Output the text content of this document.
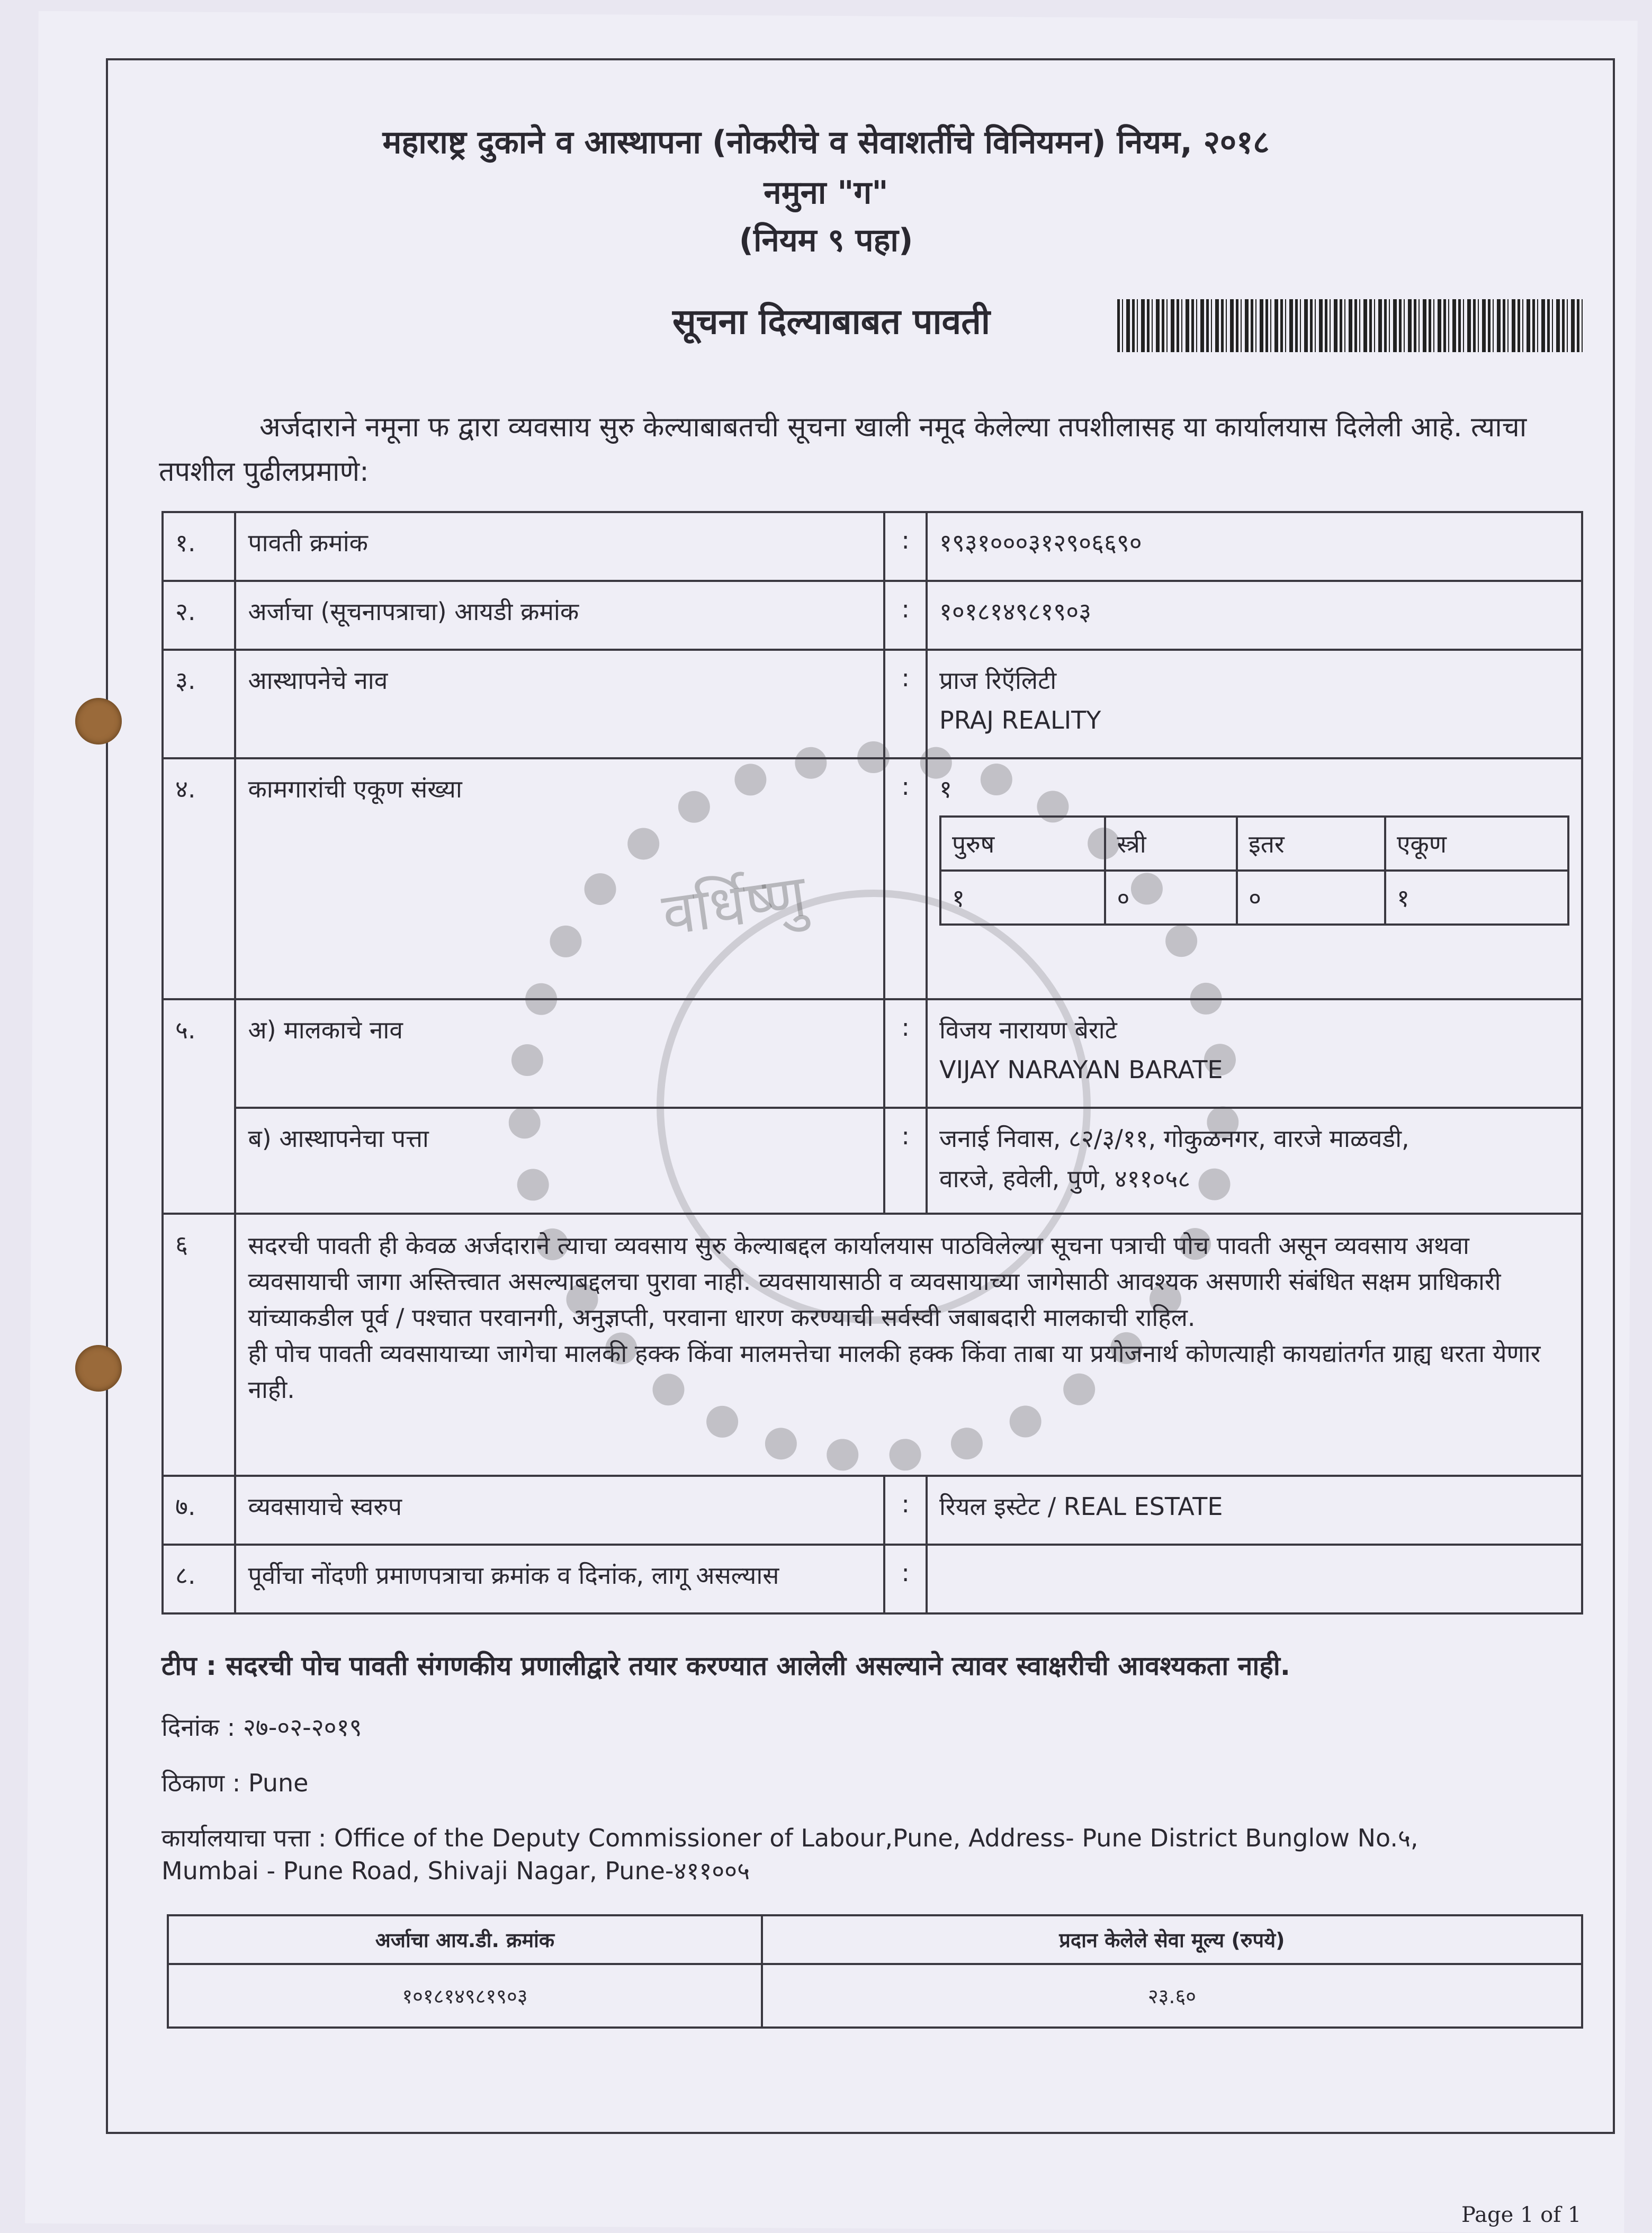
वर्धिष्णु
महाराष्ट्र दुकाने व आस्थापना (नोकरीचे व सेवाशर्तीचे विनियमन) नियम, २०१८
नमुना "ग"
(नियम ९ पहा)
सूचना दिल्याबाबत पावती
अर्जदाराने नमूना फ द्वारा व्यवसाय सुरु केल्याबाबतची सूचना खाली नमूद केलेल्या तपशीलासह या कार्यालयास दिलेली आहे. त्याचा तपशील पुढीलप्रमाणे:
१.	पावती क्रमांक	:	१९३१०००३१२९०६६९०
२.	अर्जाचा (सूचनापत्राचा) आयडी क्रमांक	:	१०१८१४९८१९०३
३.	आस्थापनेचे नाव	:	प्राज रिऍलिटी
PRAJ REALITY

४.	कामगारांची एकूण संख्या	:	१
पुरुष	स्त्री	इतर	एकूण
१	०	०	१

५.	अ) मालकाचे नाव	:	विजय नारायण बेराटे
VIJAY NARAYAN BARATE

ब) आस्थापनेचा पत्ता	:	जनाई निवास, ८२/३/११, गोकुळनगर, वारजे माळवडी,
वारजे, हवेली, पुणे, ४११०५८

६	सदरची पावती ही केवळ अर्जदाराने त्याचा व्यवसाय सुरु केल्याबद्दल कार्यालयास पाठविलेल्या सूचना पत्राची पोच पावती असून व्यवसाय अथवा व्यवसायाची जागा अस्तित्त्वात असल्याबद्दलचा पुरावा नाही. व्यवसायासाठी व व्यवसायाच्या जागेसाठी आवश्यक असणारी संबंधित सक्षम प्राधिकारी यांच्याकडील पूर्व / पश्चात परवानगी, अनुज्ञप्ती, परवाना धारण करण्याची सर्वस्वी जबाबदारी मालकाची राहिल.
ही पोच पावती व्यवसायाच्या जागेचा मालकी हक्क किंवा मालमत्तेचा मालकी हक्क किंवा ताबा या प्रयोजनार्थ कोणत्याही कायद्यांतर्गत ग्राह्य धरता येणार नाही.

७.	व्यवसायाचे स्वरुप	:	रियल इस्टेट / REAL ESTATE
८.	पूर्वीचा नोंदणी प्रमाणपत्राचा क्रमांक व दिनांक, लागू असल्यास	:	
टीप : सदरची पोच पावती संगणकीय प्रणालीद्वारे तयार करण्यात आलेली असल्याने त्यावर स्वाक्षरीची आवश्यकता नाही.
दिनांक : २७-०२-२०१९
ठिकाण : Pune
कार्यालयाचा पत्ता : Office of the Deputy Commissioner of Labour,Pune, Address- Pune District Bunglow No.५, Mumbai - Pune Road, Shivaji Nagar, Pune-४११००५
अर्जाचा आय.डी. क्रमांक	प्रदान केलेले सेवा मूल्य (रुपये)
१०१८१४९८१९०३	२३.६०
Page 1 of 1
